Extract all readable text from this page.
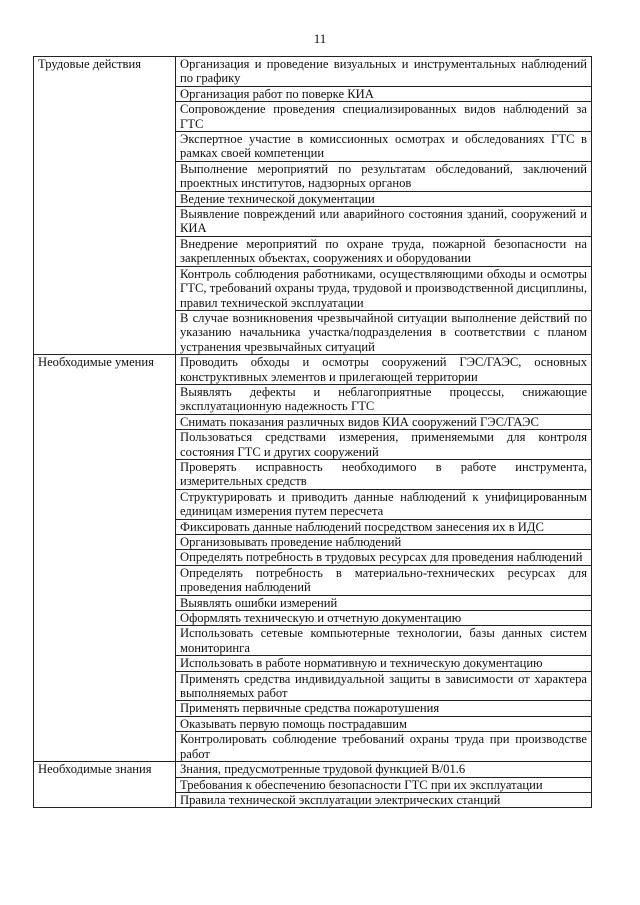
11
Трудовые действия	Организация и проведение визуальных и инструментальных наблюдений по графику
	Организация работ по поверке КИА
	Сопровождение проведения специализированных видов наблюдений за ГТС
	Экспертное участие в комиссионных осмотрах и обследованиях ГТС в рамках своей компетенции
	Выполнение мероприятий по результатам обследований, заключений проектных институтов, надзорных органов
	Ведение технической документации
	Выявление повреждений или аварийного состояния зданий, сооружений и КИА
	Внедрение мероприятий по охране труда, пожарной безопасности на закрепленных объектах, сооружениях и оборудовании
	Контроль соблюдения работниками, осуществляющими обходы и осмотры ГТС, требований охраны труда, трудовой и производственной дисциплины, правил технической эксплуатации
	В случае возникновения чрезвычайной ситуации выполнение действий по указанию начальника участка/подразделения в соответствии с планом устранения чрезвычайных ситуаций
Необходимые умения	Проводить обходы и осмотры сооружений ГЭС/ГАЭС, основных конструктивных элементов и прилегающей территории
	Выявлять дефекты и неблагоприятные процессы, снижающие эксплуатационную надежность ГТС
	Снимать показания различных видов КИА сооружений ГЭС/ГАЭС
	Пользоваться средствами измерения, применяемыми для контроля состояния ГТС и других сооружений
	Проверять исправность необходимого в работе инструмента, измерительных средств
	Структурировать и приводить данные наблюдений к унифицированным единицам измерения путем пересчета
	Фиксировать данные наблюдений посредством занесения их в ИДС
	Организовывать проведение наблюдений
	Определять потребность в трудовых ресурсах для проведения наблюдений
	Определять потребность в материально-технических ресурсах для проведения наблюдений
	Выявлять ошибки измерений
	Оформлять техническую и отчетную документацию
	Использовать сетевые компьютерные технологии, базы данных систем мониторинга
	Использовать в работе нормативную и техническую документацию
	Применять средства индивидуальной защиты в зависимости от характера выполняемых работ
	Применять первичные средства пожаротушения
	Оказывать первую помощь пострадавшим
	Контролировать соблюдение требований охраны труда при производстве работ
Необходимые знания	Знания, предусмотренные трудовой функцией В/01.6
	Требования к обеспечению безопасности ГТС при их эксплуатации
	Правила технической эксплуатации электрических станций
